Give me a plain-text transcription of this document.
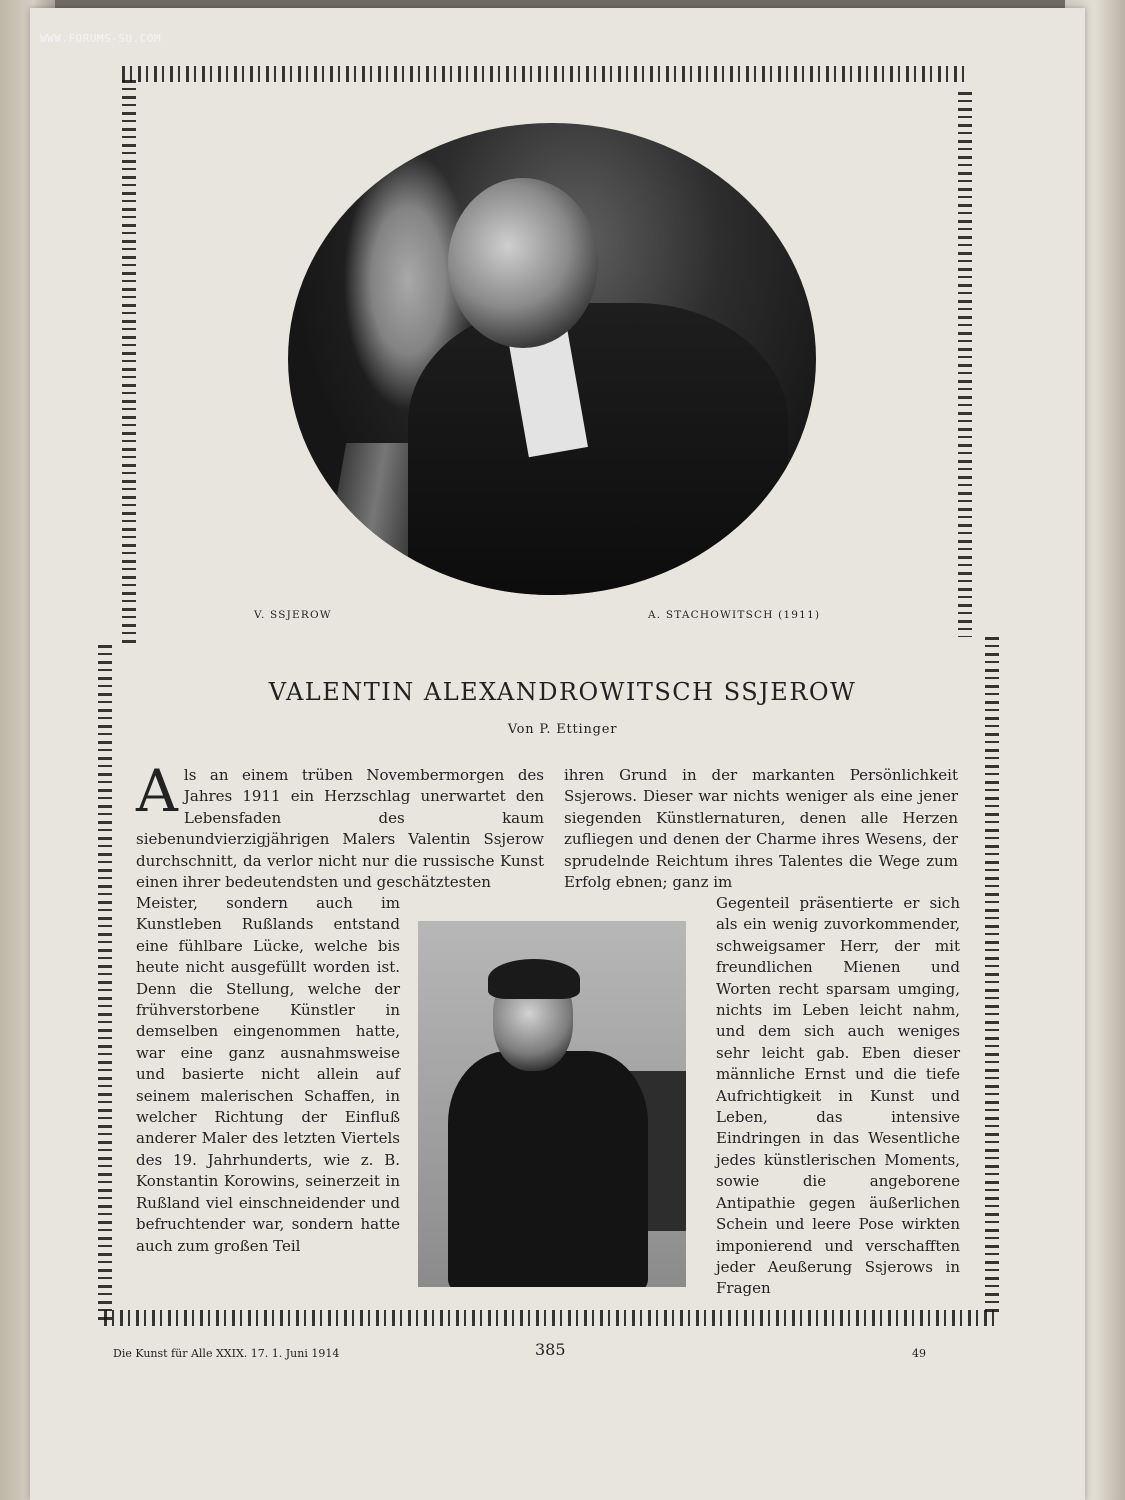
WWW.FORUMS-SU.COM
V. SSJEROW	A. STACHOWITSCH (1911)
VALENTIN ALEXANDROWITSCH SSJEROW
Von P. Ettinger

Als an einem trüben Novembermorgen des Jahres 1911 ein Herzschlag unerwartet den Lebensfaden des kaum siebenundvierzigjährigen Malers Valentin Ssjerow durchschnitt, da verlor nicht nur die russische Kunst einen ihrer bedeutendsten und geschätztesten

Meister, sondern auch im Kunstleben Rußlands entstand eine fühlbare Lücke, welche bis heute nicht ausgefüllt worden ist. Denn die Stellung, welche der frühverstorbene Künstler in demselben eingenommen hatte, war eine ganz ausnahmsweise und basierte nicht allein auf seinem malerischen Schaffen, in welcher Richtung der Einfluß anderer Maler des letzten Viertels des 19. Jahrhunderts, wie z. B. Konstantin Korowins, seinerzeit in Rußland viel einschneidender und befruchtender war, sondern hatte auch zum großen Teil

ihren Grund in der markanten Persönlichkeit Ssjerows. Dieser war nichts weniger als eine jener siegenden Künstlernaturen, denen alle Herzen zufliegen und denen der Charme ihres Wesens, der sprudelnde Reichtum ihres Talentes die Wege zum Erfolg ebnen; ganz im

Gegenteil präsentierte er sich als ein wenig zuvorkommender, schweigsamer Herr, der mit freundlichen Mienen und Worten recht sparsam umging, nichts im Leben leicht nahm, und dem sich auch weniges sehr leicht gab. Eben dieser männliche Ernst und die tiefe Aufrichtigkeit in Kunst und Leben, das intensive Eindringen in das Wesentliche jedes künstlerischen Moments, sowie die angeborene Antipathie gegen äußerlichen Schein und leere Pose wirkten imponierend und verschafften jeder Aeußerung Ssjerows in Fragen

Die Kunst für Alle XXIX. 17. 1. Juni 1914	385	49
